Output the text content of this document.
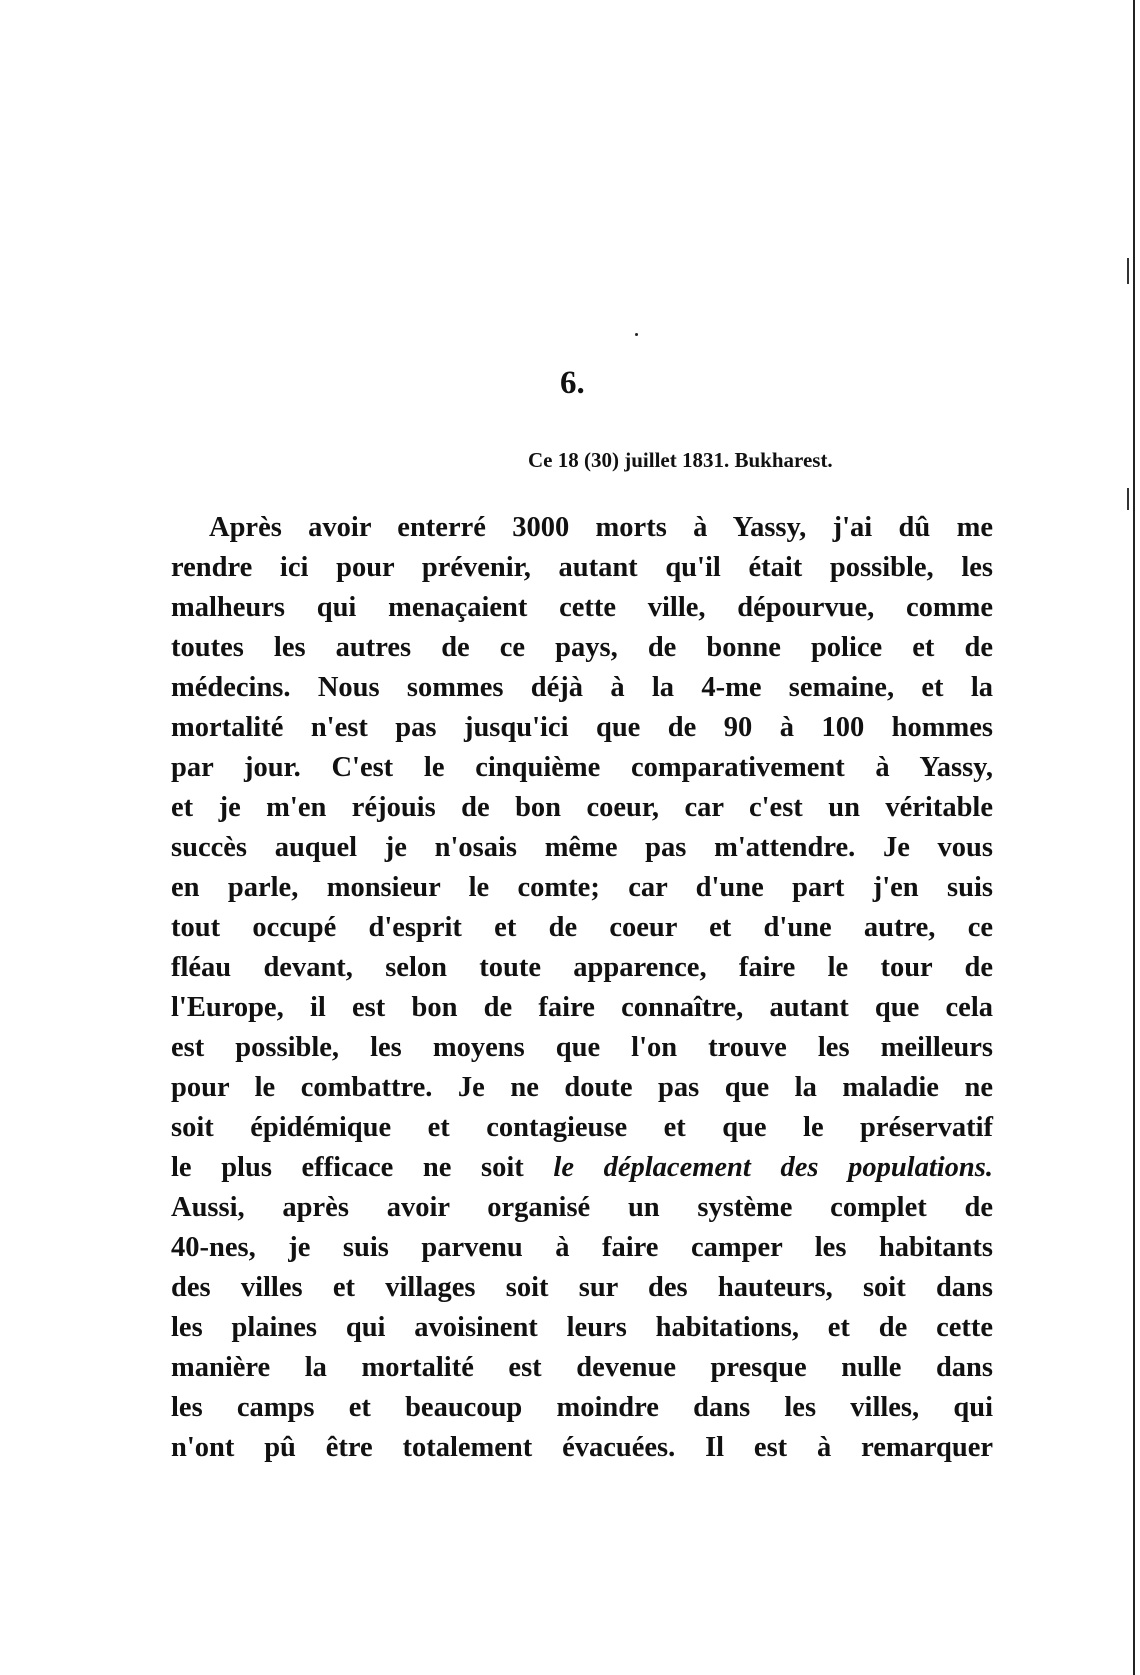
6.

Ce 18 (30) juillet 1831. Bukharest.

Après avoir enterré 3000 morts à Yassy, j'ai dû me
rendre ici pour prévenir, autant qu'il était possible, les
malheurs qui menaçaient cette ville, dépourvue, comme
toutes les autres de ce pays, de bonne police et de
médecins. Nous sommes déjà à la 4-me semaine, et la
mortalité n'est pas jusqu'ici que de 90 à 100 hommes
par jour. C'est le cinquième comparativement à Yassy,
et je m'en réjouis de bon coeur, car c'est un véritable
succès auquel je n'osais même pas m'attendre. Je vous
en parle, monsieur le comte; car d'une part j'en suis
tout occupé d'esprit et de coeur et d'une autre, ce
fléau devant, selon toute apparence, faire le tour de
l'Europe, il est bon de faire connaître, autant que cela
est possible, les moyens que l'on trouve les meilleurs
pour le combattre. Je ne doute pas que la maladie ne
soit épidémique et contagieuse et que le préservatif
le plus efficace ne soit le déplacement des populations.
Aussi, après avoir organisé un système complet de
40-nes, je suis parvenu à faire camper les habitants
des villes et villages soit sur des hauteurs, soit dans
les plaines qui avoisinent leurs habitations, et de cette
manière la mortalité est devenue presque nulle dans
les camps et beaucoup moindre dans les villes, qui
n'ont pû être totalement évacuées. Il est à remarquer
